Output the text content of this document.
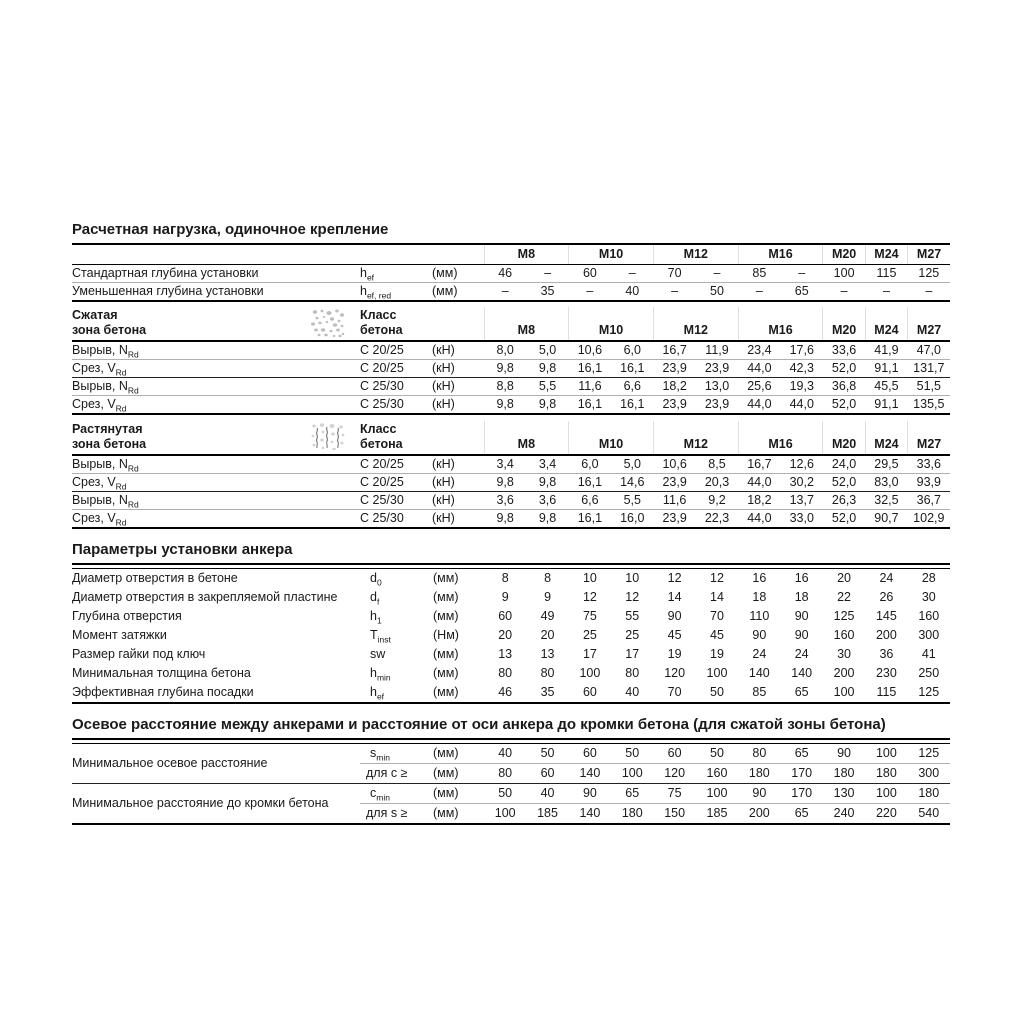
Расчетная нагрузка, одиночное крепление
			M8		M10		M12		M16		M20	M24	M27
Стандартная глубина установки	$h_{ef}$	(мм)	46	–	60	–	70	–	85	–	100	115	125
Уменьшенная глубина установки	$h_{ef, red}$	(мм)	–	35	–	40	–	50	–	65	–	–	–
Сжатая
зона бетона	Класс
бетона		M8		M10		M12		M16		M20	M24	M27
Вырыв, $N_{Rd}$	C 20/25	(кН)	8,0	5,0	10,6	6,0	16,7	11,9	23,4	17,6	33,6	41,9	47,0
Срез, $V_{Rd}$	C 20/25	(кН)	9,8	9,8	16,1	16,1	23,9	23,9	44,0	42,3	52,0	91,1	131,7
Вырыв, $N_{Rd}$	C 25/30	(кН)	8,8	5,5	11,6	6,6	18,2	13,0	25,6	19,3	36,8	45,5	51,5
Срез, $V_{Rd}$	C 25/30	(кН)	9,8	9,8	16,1	16,1	23,9	23,9	44,0	44,0	52,0	91,1	135,5
Растянутая
зона бетона	Класс
бетона		M8		M10		M12		M16		M20	M24	M27
Вырыв, $N_{Rd}$	C 20/25	(кН)	3,4	3,4	6,0	5,0	10,6	8,5	16,7	12,6	24,0	29,5	33,6
Срез, $V_{Rd}$	C 20/25	(кН)	9,8	9,8	16,1	14,6	23,9	20,3	44,0	30,2	52,0	83,0	93,9
Вырыв, $N_{Rd}$	C 25/30	(кН)	3,6	3,6	6,6	5,5	11,6	9,2	18,2	13,7	26,3	32,5	36,7
Срез, $V_{Rd}$	C 25/30	(кН)	9,8	9,8	16,1	16,0	23,9	22,3	44,0	33,0	52,0	90,7	102,9
Параметры установки анкера
Диаметр отверстия в бетоне	$d_0$	(мм)	8	8	10	10	12	12	16	16	20	24	28
Диаметр отверстия в закрепляемой пластине	$d_f$	(мм)	9	9	12	12	14	14	18	18	22	26	30
Глубина отверстия	$h_1$	(мм)	60	49	75	55	90	70	110	90	125	145	160
Момент затяжки	$T_{inst}$	(Нм)	20	20	25	25	45	45	90	90	160	200	300
Размер гайки под ключ	sw	(мм)	13	13	17	17	19	19	24	24	30	36	41
Минимальная толщина бетона	$h_{min}$	(мм)	80	80	100	80	120	100	140	140	200	230	250
Эффективная глубина посадки	$h_{ef}$	(мм)	46	35	60	40	70	50	85	65	100	115	125
Осевое расстояние между анкерами и расстояние от оси анкера до кромки бетона (для сжатой зоны бетона)
Минимальное осевое расстояние	$s_{min}$	(мм)	40	50	60	50	60	50	80	65	90	100	125
	для c ≥	(мм)	80	60	140	100	120	160	180	170	180	180	300
Минимальное расстояние до кромки бетона	$c_{min}$	(мм)	50	40	90	65	75	100	90	170	130	100	180
	для s ≥	(мм)	100	185	140	180	150	185	200	65	240	220	540
